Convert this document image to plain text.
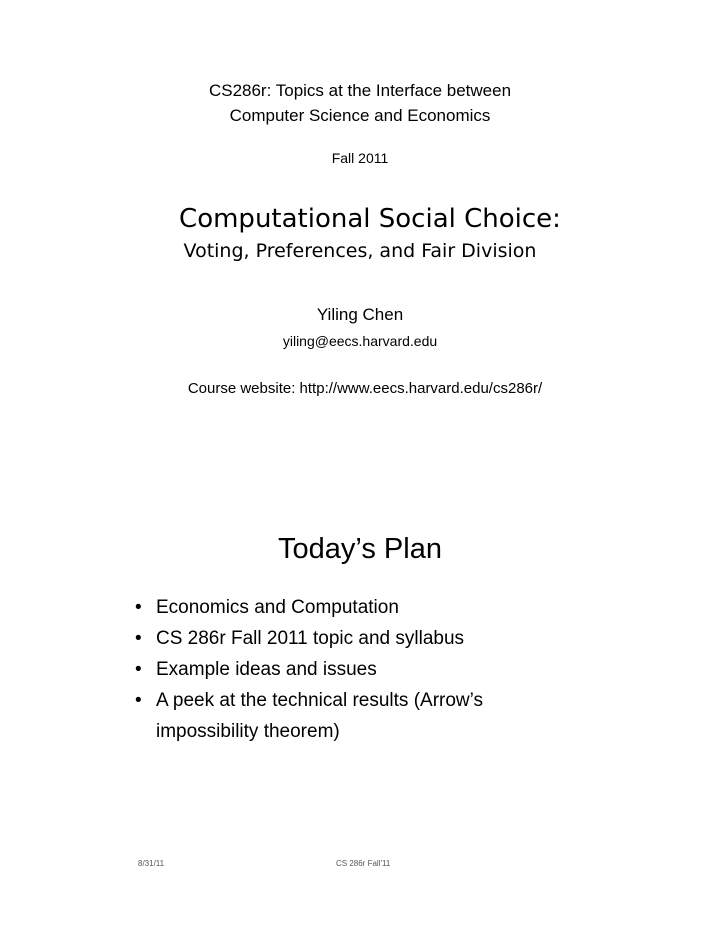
CS286r: Topics at the Interface between
Computer Science and Economics
Fall 2011
Computational Social Choice:
Voting, Preferences, and Fair Division
Yiling Chen
yiling@eecs.harvard.edu
Course website: http://www.eecs.harvard.edu/cs286r/
Today’s Plan
• Economics and Computation
• CS 286r Fall 2011 topic and syllabus
• Example ideas and issues
• A peek at the technical results (Arrow’s impossibility theorem)
8/31/11	CS 286r Fall'11
